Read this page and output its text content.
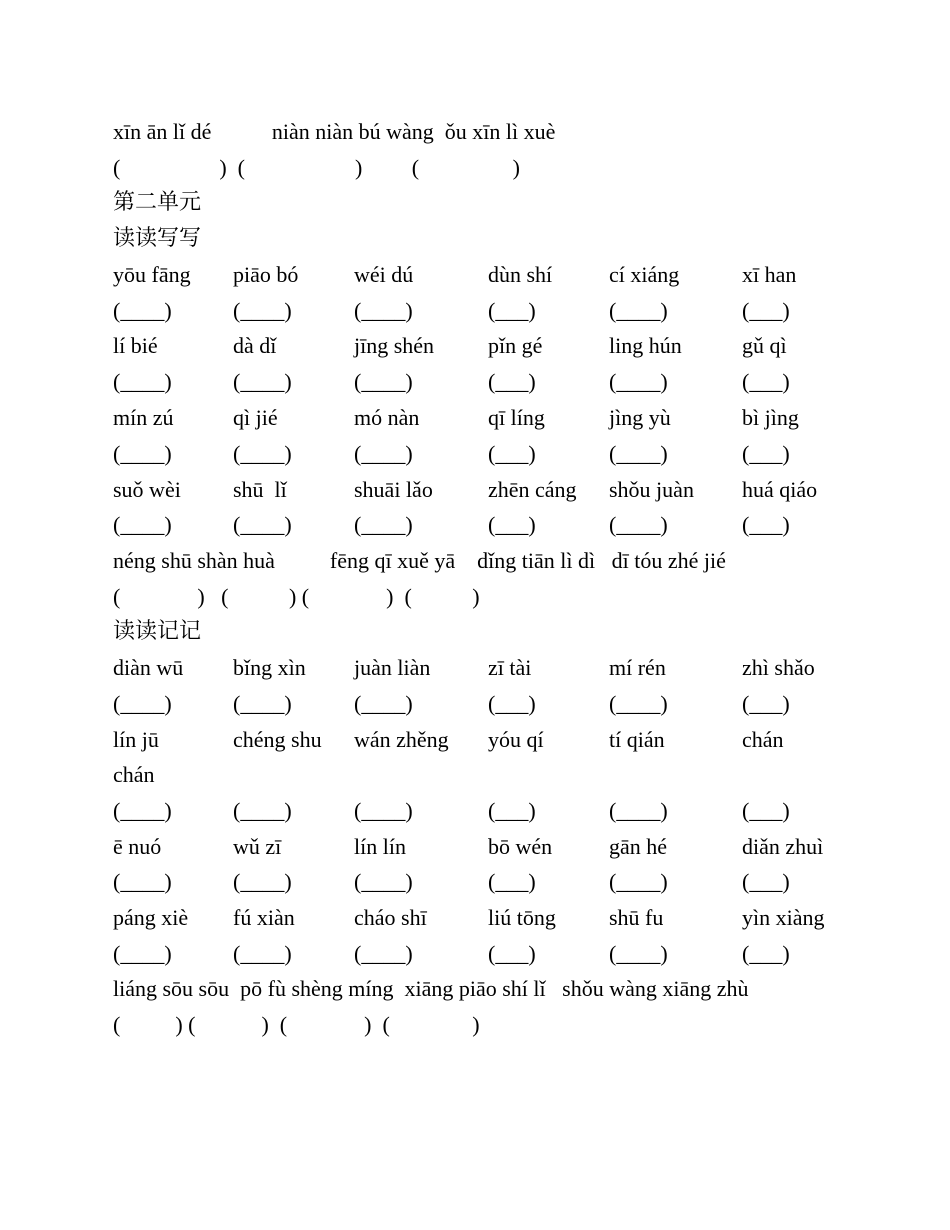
xīn ān lǐ dé           niàn niàn bú wàng  ǒu xīn lì xuè
(                  )  (                    )         (                 )
第二单元
读读写写
yōu fāng
(____)
piāo bó
(____)
wéi dú
(____)
dùn shí
(___)
cí xiáng
(____)
xī han
(___)
lí bié
(____)
dà dǐ
(____)
jīng shén
(____)
pǐn gé
(___)
ling hún
(____)
gǔ qì
(___)
mín zú
(____)
qì jié
(____)
mó nàn
(____)
qī líng
(___)
jìng yù
(____)
bì jìng
(___)
suǒ wèi
(____)
shū  lǐ
(____)
shuāi lǎo
(____)
zhēn cáng
(___)
shǒu juàn
(____)
huá qiáo
(___)
néng shū shàn huà          fēng qī xuě yā    dǐng tiān lì dì   dī tóu zhé jié
(              )   (           ) (              )  (           )
读读记记
diàn wū
(____)
bǐng xìn
(____)
juàn liàn
(____)
zī tài
(___)
mí rén
(____)
zhì shǎo
(___)
lín jū
(____)
chéng shu
(____)
wán zhěng
(____)
yóu qí
(___)
tí qián
(____)
chán
(___)
chán
ē nuó
(____)
wǔ zī
(____)
lín lín
(____)
bō wén
(___)
gān hé
(____)
diǎn zhuì
(___)
páng xiè
(____)
fú xiàn
(____)
cháo shī
(____)
liú tōng
(___)
shū fu
(____)
yìn xiàng
(___)
liáng sōu sōu  pō fù shèng míng  xiāng piāo shí lǐ   shǒu wàng xiāng zhù
(          ) (            )  (              )  (               )
